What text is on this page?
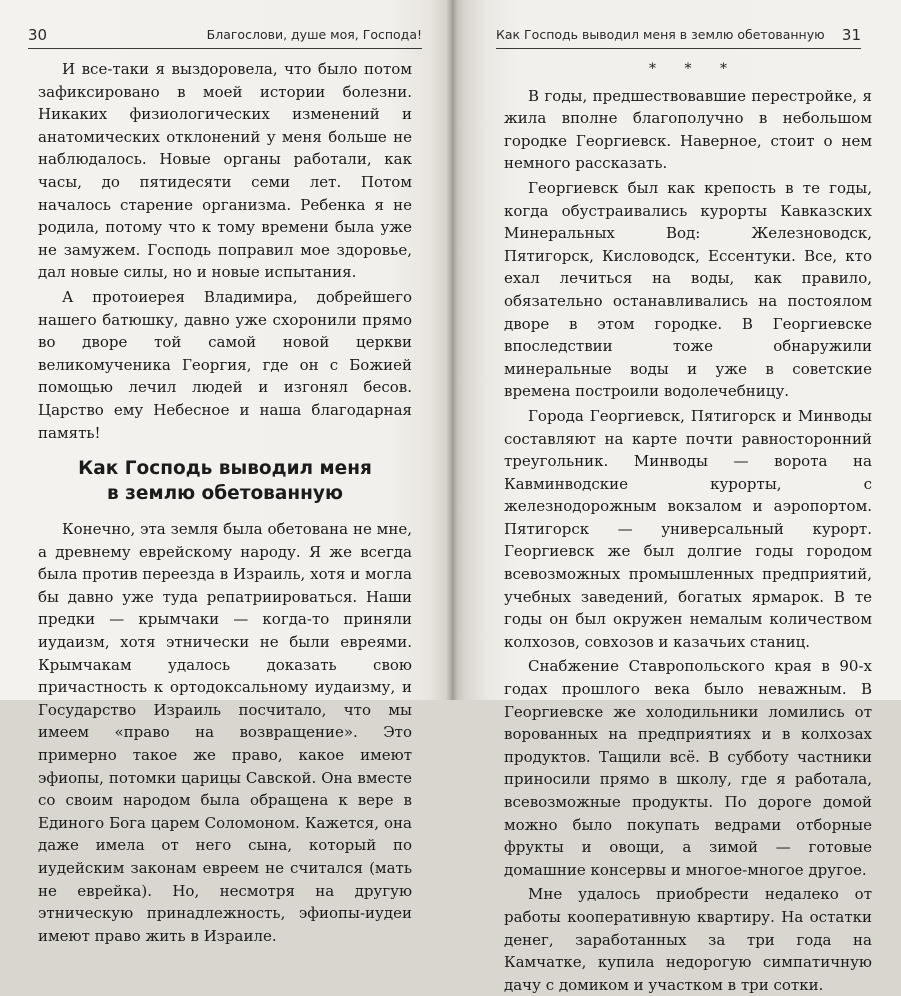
30	Благослови, душе моя, Господа!

И все-таки я выздоровела, что было потом зафиксировано в моей истории болезни. Никаких физиологических изменений и анатомических отклонений у меня больше не наблюдалось. Новые органы работали, как часы, до пятидесяти семи лет. Потом началось старение организма. Ребенка я не родила, потому что к тому времени была уже не замужем. Господь поправил мое здоровье, дал новые силы, но и новые испытания.

А протоиерея Владимира, добрейшего нашего батюшку, давно уже схоронили прямо во дворе той самой новой церкви великомученика Георгия, где он с Божией помощью лечил людей и изгонял бесов. Царство ему Небесное и наша благодарная память!

Как Господь выводил меня
в землю обетованную

Конечно, эта земля была обетована не мне, а древнему еврейскому народу. Я же всегда была против переезда в Израиль, хотя и могла бы давно уже туда репатриироваться. Наши предки — крымчаки — когда-то приняли иудаизм, хотя этнически не были евреями. Крымчакам удалось доказать свою причастность к ортодоксальному иудаизму, и Государство Израиль посчитало, что мы имеем «право на возвращение». Это примерно такое же право, какое имеют эфиопы, потомки царицы Савской. Она вместе со своим народом была обращена к вере в Единого Бога царем Соломоном. Кажется, она даже имела от него сына, который по иудейским законам евреем не считался (мать не еврейка). Но, несмотря на другую этническую принадлежность, эфиопы-иудеи имеют право жить в Израиле.

Как Господь выводил меня в землю обетованную 31

* * *

В годы, предшествовавшие перестройке, я жила вполне благополучно в небольшом городке Георгиевск. Наверное, стоит о нем немного рассказать.

Георгиевск был как крепость в те годы, когда обустраивались курорты Кавказских Минеральных Вод: Железноводск, Пятигорск, Кисловодск, Ессентуки. Все, кто ехал лечиться на воды, как правило, обязательно останавливались на постоялом дворе в этом городке. В Георгиевске впоследствии тоже обнаружили минеральные воды и уже в советские времена построили водолечебницу.

Города Георгиевск, Пятигорск и Минводы составляют на карте почти равносторонний треугольник. Минводы — ворота на Кавминводские курорты, с железнодорожным вокзалом и аэропортом. Пятигорск — универсальный курорт. Георгиевск же был долгие годы городом всевозможных промышленных предприятий, учебных заведений, богатых ярмарок. В те годы он был окружен немалым количеством колхозов, совхозов и казачьих станиц.

Снабжение Ставропольского края в 90-х годах прошлого века было неважным. В Георгиевске же холодильники ломились от ворованных на предприятиях и в колхозах продуктов. Тащили всё. В субботу частники приносили прямо в школу, где я работала, всевозможные продукты. По дороге домой можно было покупать ведрами отборные фрукты и овощи, а зимой — готовые домашние консервы и многое-многое другое.

Мне удалось приобрести недалеко от работы кооперативную квартиру. На остатки денег, заработанных за три года на Камчатке, купила недорогую симпатичную дачу с домиком и участком в три сотки.
